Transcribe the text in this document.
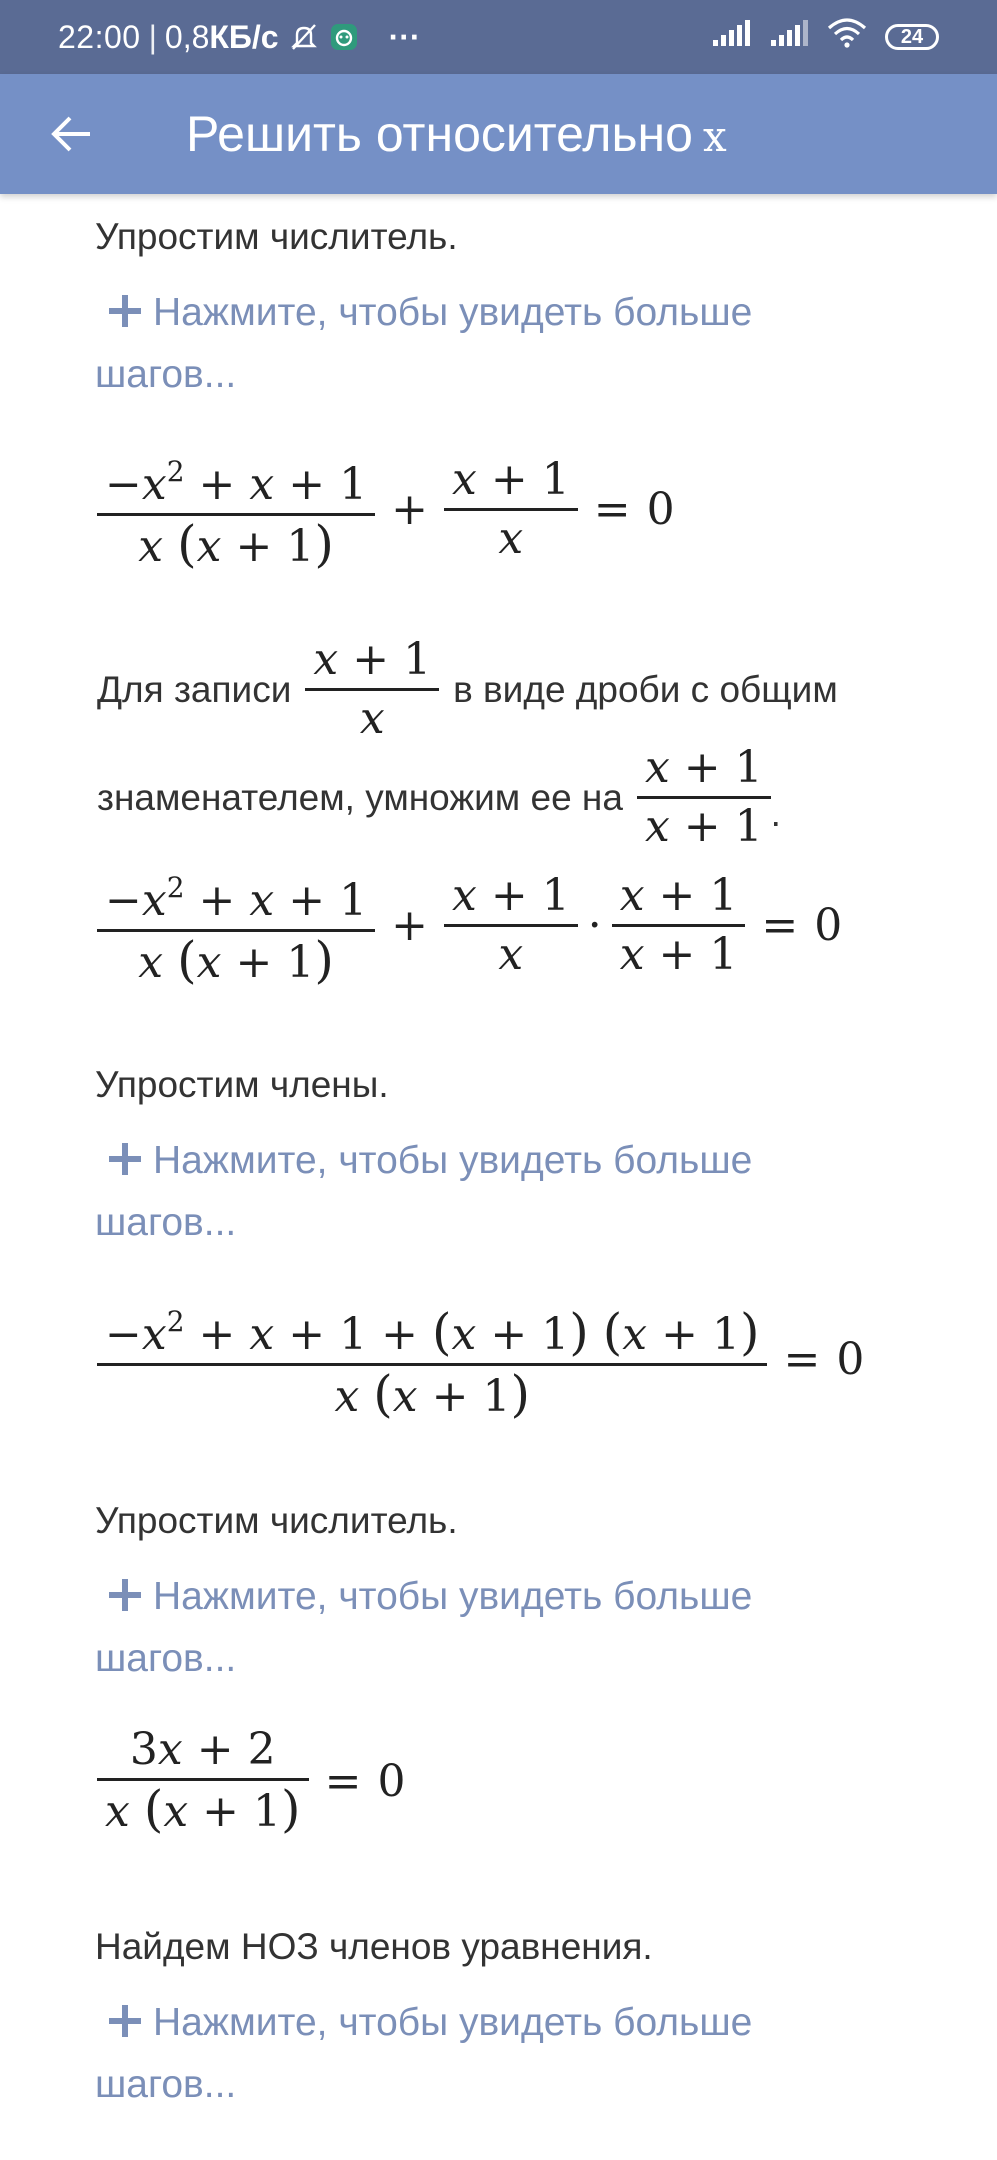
22:00 | 0,8КБ/с	···	24
Решить относительно x
Упростим числитель.
Нажмите, чтобы увидеть больше шагов...
$\frac{-x^2 + x + 1}{x (x + 1)} + \frac{x + 1}{x} = 0$
Для записи $\frac{x + 1}{x}$ в виде дроби с общим
знаменателем, умножим ее на $\frac{x + 1}{x + 1}$ .
$\frac{-x^2 + x + 1}{x (x + 1)} + \frac{x + 1}{x} \cdot \frac{x + 1}{x + 1} = 0$
Упростим члены.
Нажмите, чтобы увидеть больше шагов...
$\frac{-x^2 + x + 1 + (x + 1) (x + 1)}{x (x + 1)} = 0$
Упростим числитель.
Нажмите, чтобы увидеть больше шагов...
$\frac{3x + 2}{x (x + 1)} = 0$
Найдем НОЗ членов уравнения.
Нажмите, чтобы увидеть больше шагов...
